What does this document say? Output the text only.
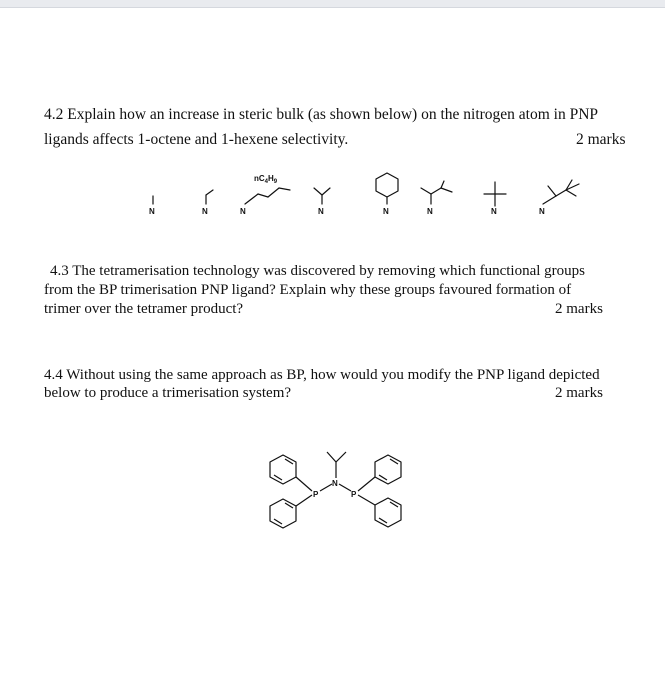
4.2 Explain how an increase in steric bulk (as shown below) on the nitrogen atom in PNP
ligands affects 1-octene and 1-hexene selectivity.	2 marks
N	N	N	N	N	N	N	N
$nC_4H_9$
N
P	P
4.3 The tetramerisation technology was discovered by removing which functional groups
from the BP trimerisation PNP ligand? Explain why these groups favoured formation of
trimer over the tetramer product?	2 marks
4.4 Without using the same approach as BP, how would you modify the PNP ligand depicted
below to produce a trimerisation system?	2 marks
